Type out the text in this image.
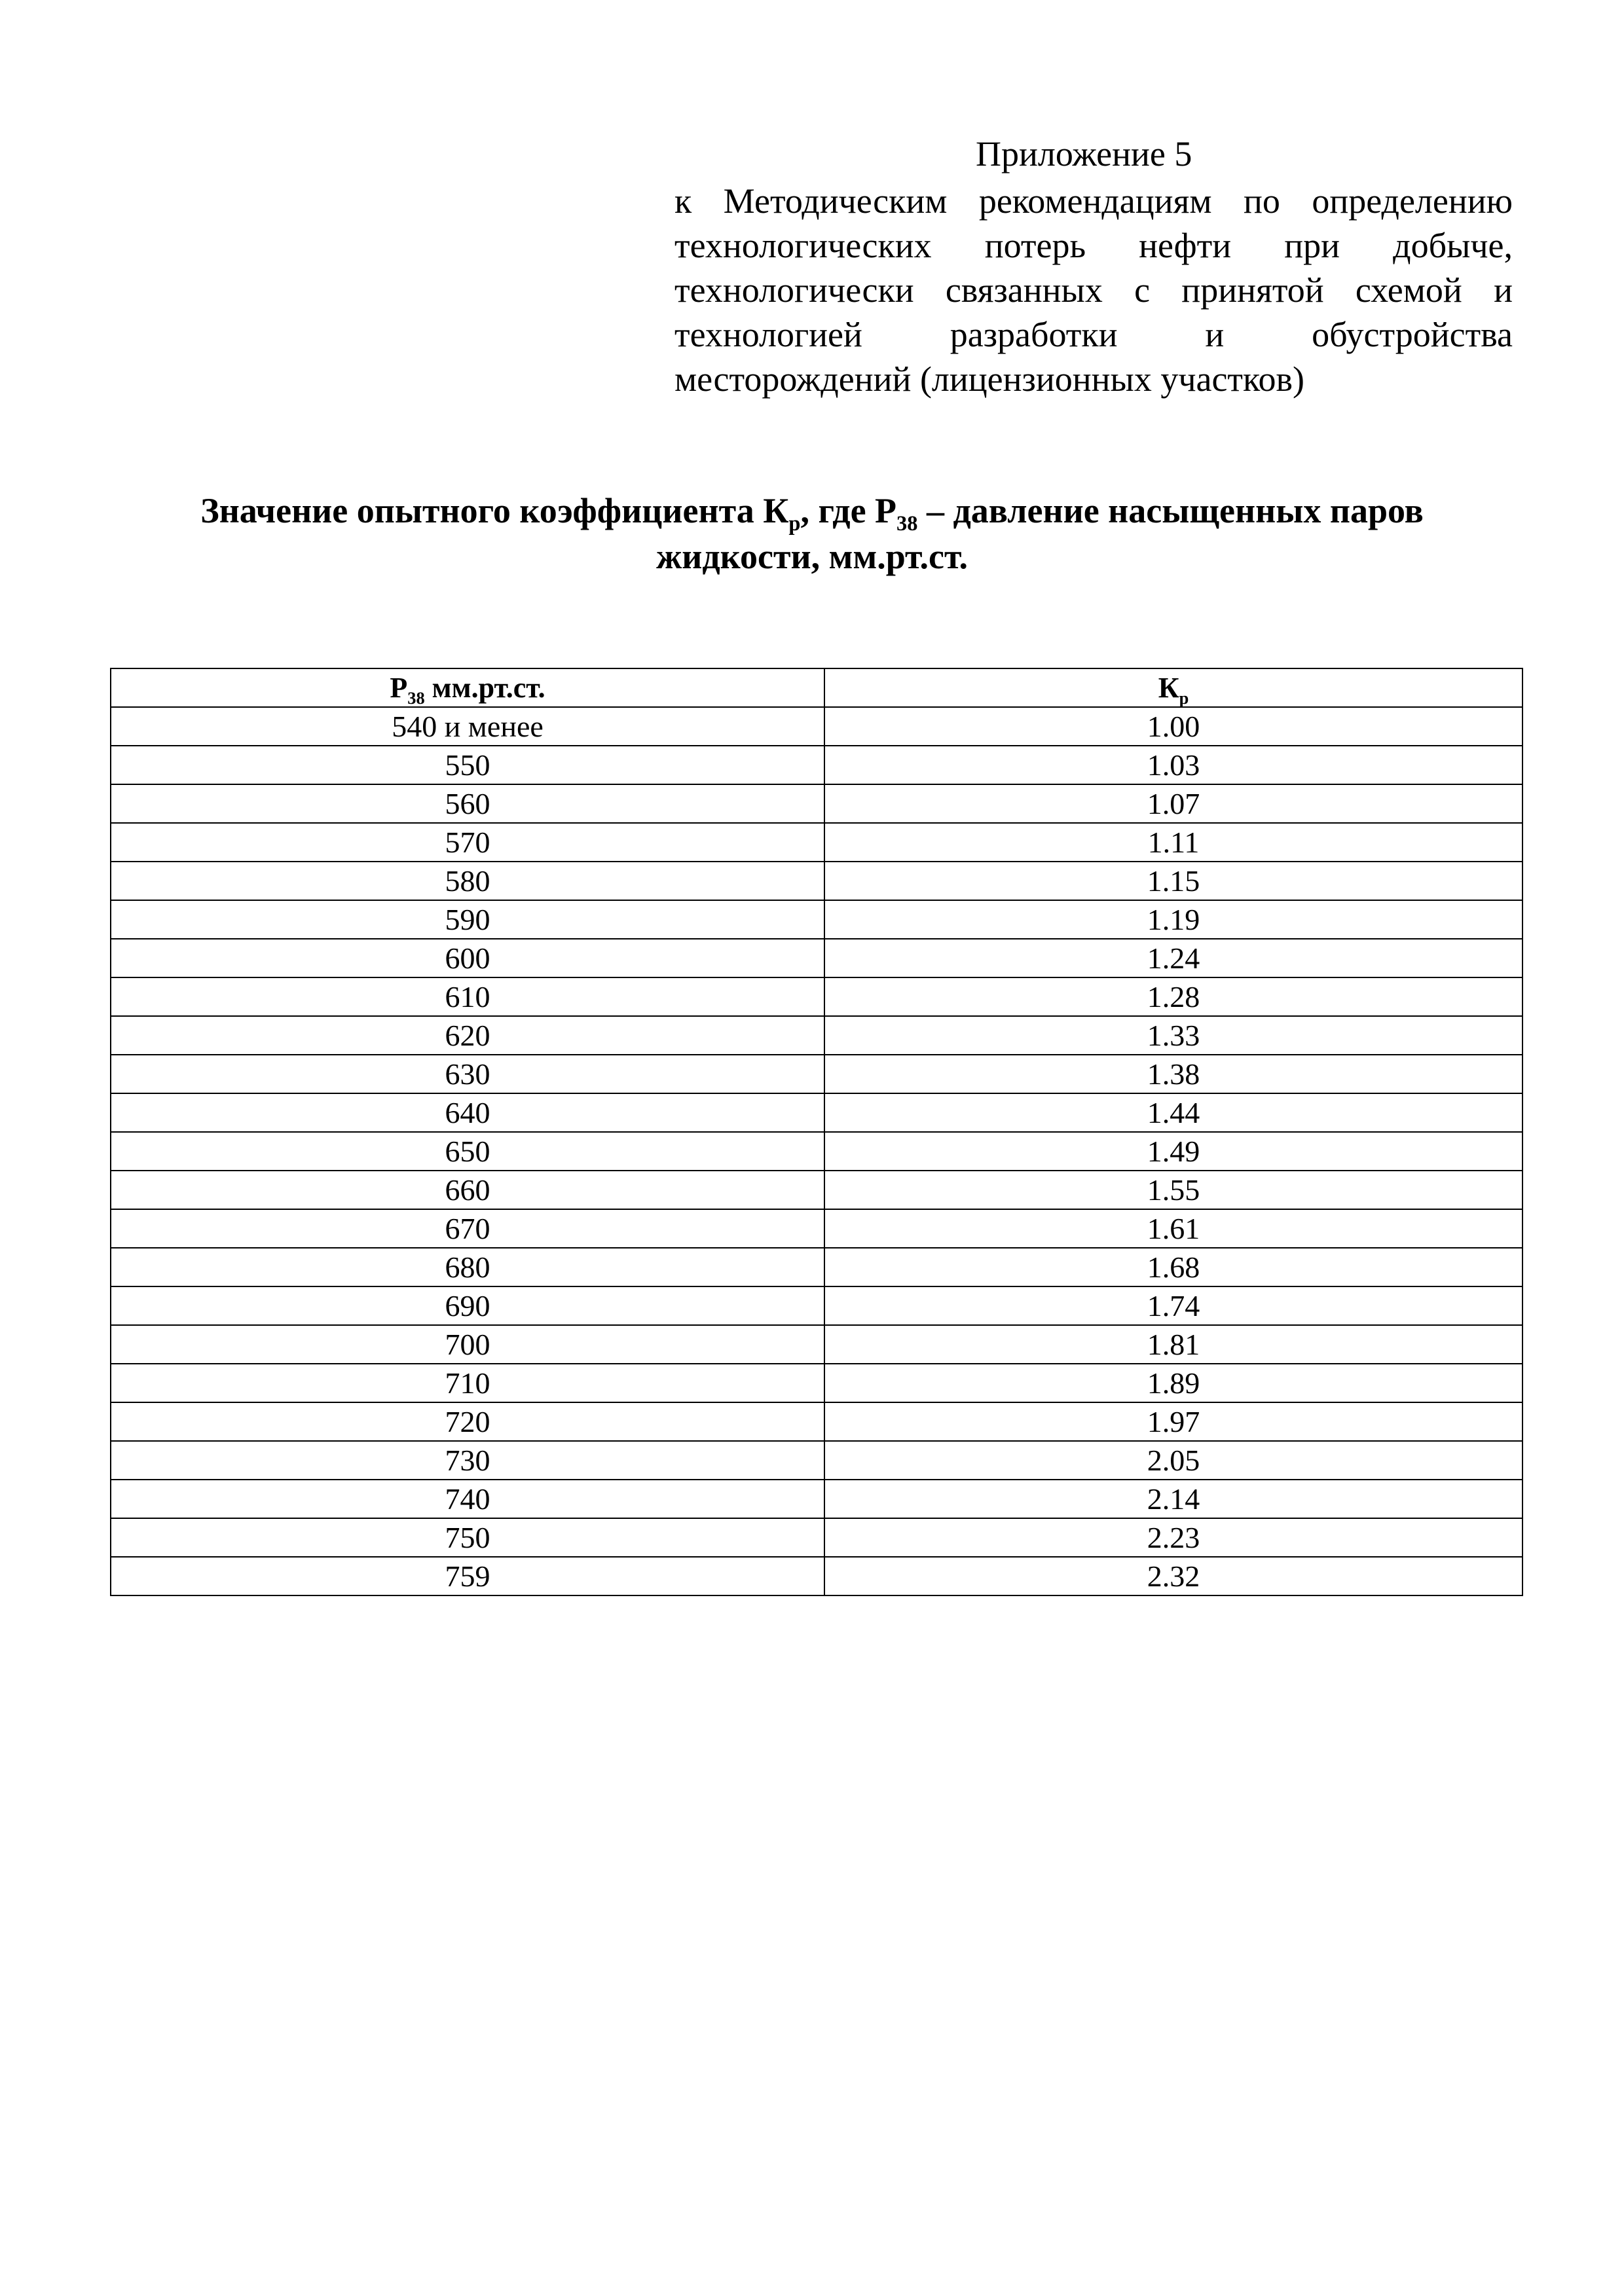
Приложение 5
к Методическим рекомендациям по определению технологических потерь нефти при добыче, технологически связанных с принятой схемой и технологией разработки и обустройства месторождений (лицензионных участков)
Значение опытного коэффициента $К_р$, где $Р_{38}$ – давление насыщенных паров
жидкости, мм.рт.ст.
$Р_{38}$ мм.рт.ст.	$К_р$
540 и менее	1.00
550	1.03
560	1.07
570	1.11
580	1.15
590	1.19
600	1.24
610	1.28
620	1.33
630	1.38
640	1.44
650	1.49
660	1.55
670	1.61
680	1.68
690	1.74
700	1.81
710	1.89
720	1.97
730	2.05
740	2.14
750	2.23
759	2.32
